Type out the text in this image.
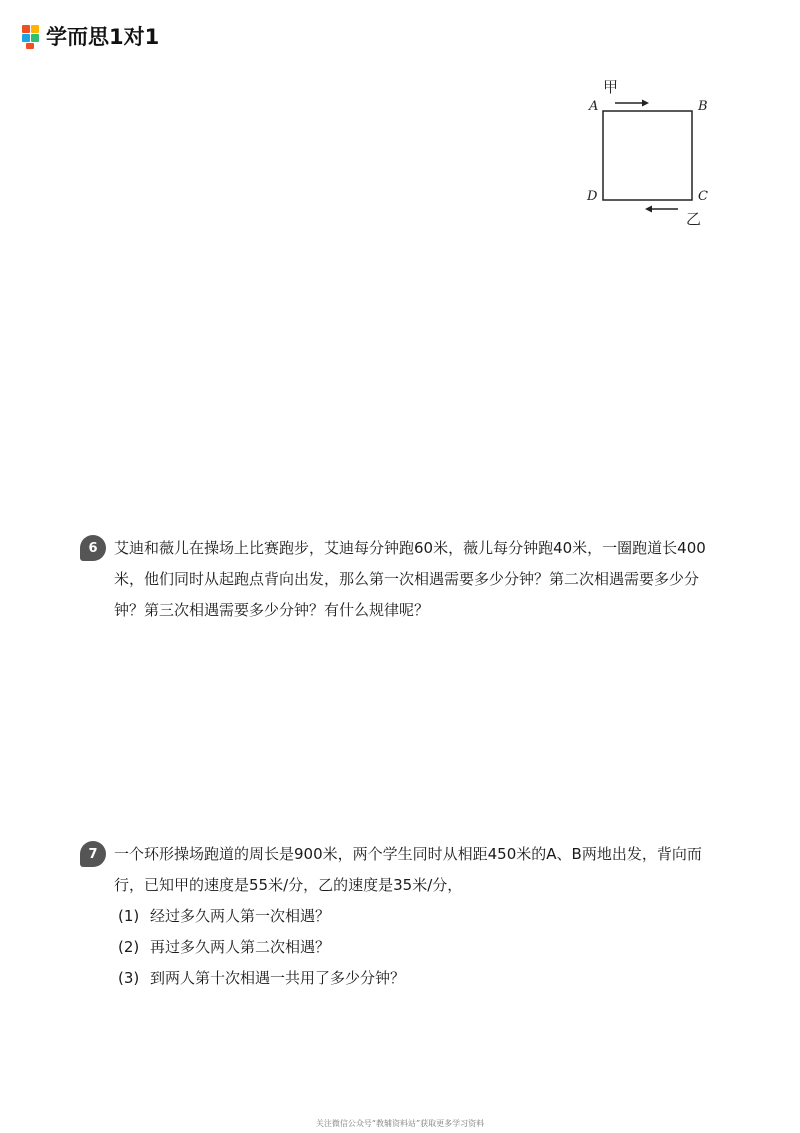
学而思1对1
甲
乙
A	B
C
D
6	艾迪和薇儿在操场上比赛跑步，艾迪每分钟跑60米，薇儿每分钟跑40米，一圈跑道长400
米，他们同时从起跑点背向出发，那么第一次相遇需要多少分钟？第二次相遇需要多少分
钟？第三次相遇需要多少分钟？有什么规律呢？
7	一个环形操场跑道的周长是900米，两个学生同时从相距450米的A、B两地出发，背向而
行，已知甲的速度是55米/分，乙的速度是35米/分，
(1) 经过多久两人第一次相遇？
(2) 再过多久两人第二次相遇？
(3) 到两人第十次相遇一共用了多少分钟？
关注微信公众号“教辅资料站”获取更多学习资料
